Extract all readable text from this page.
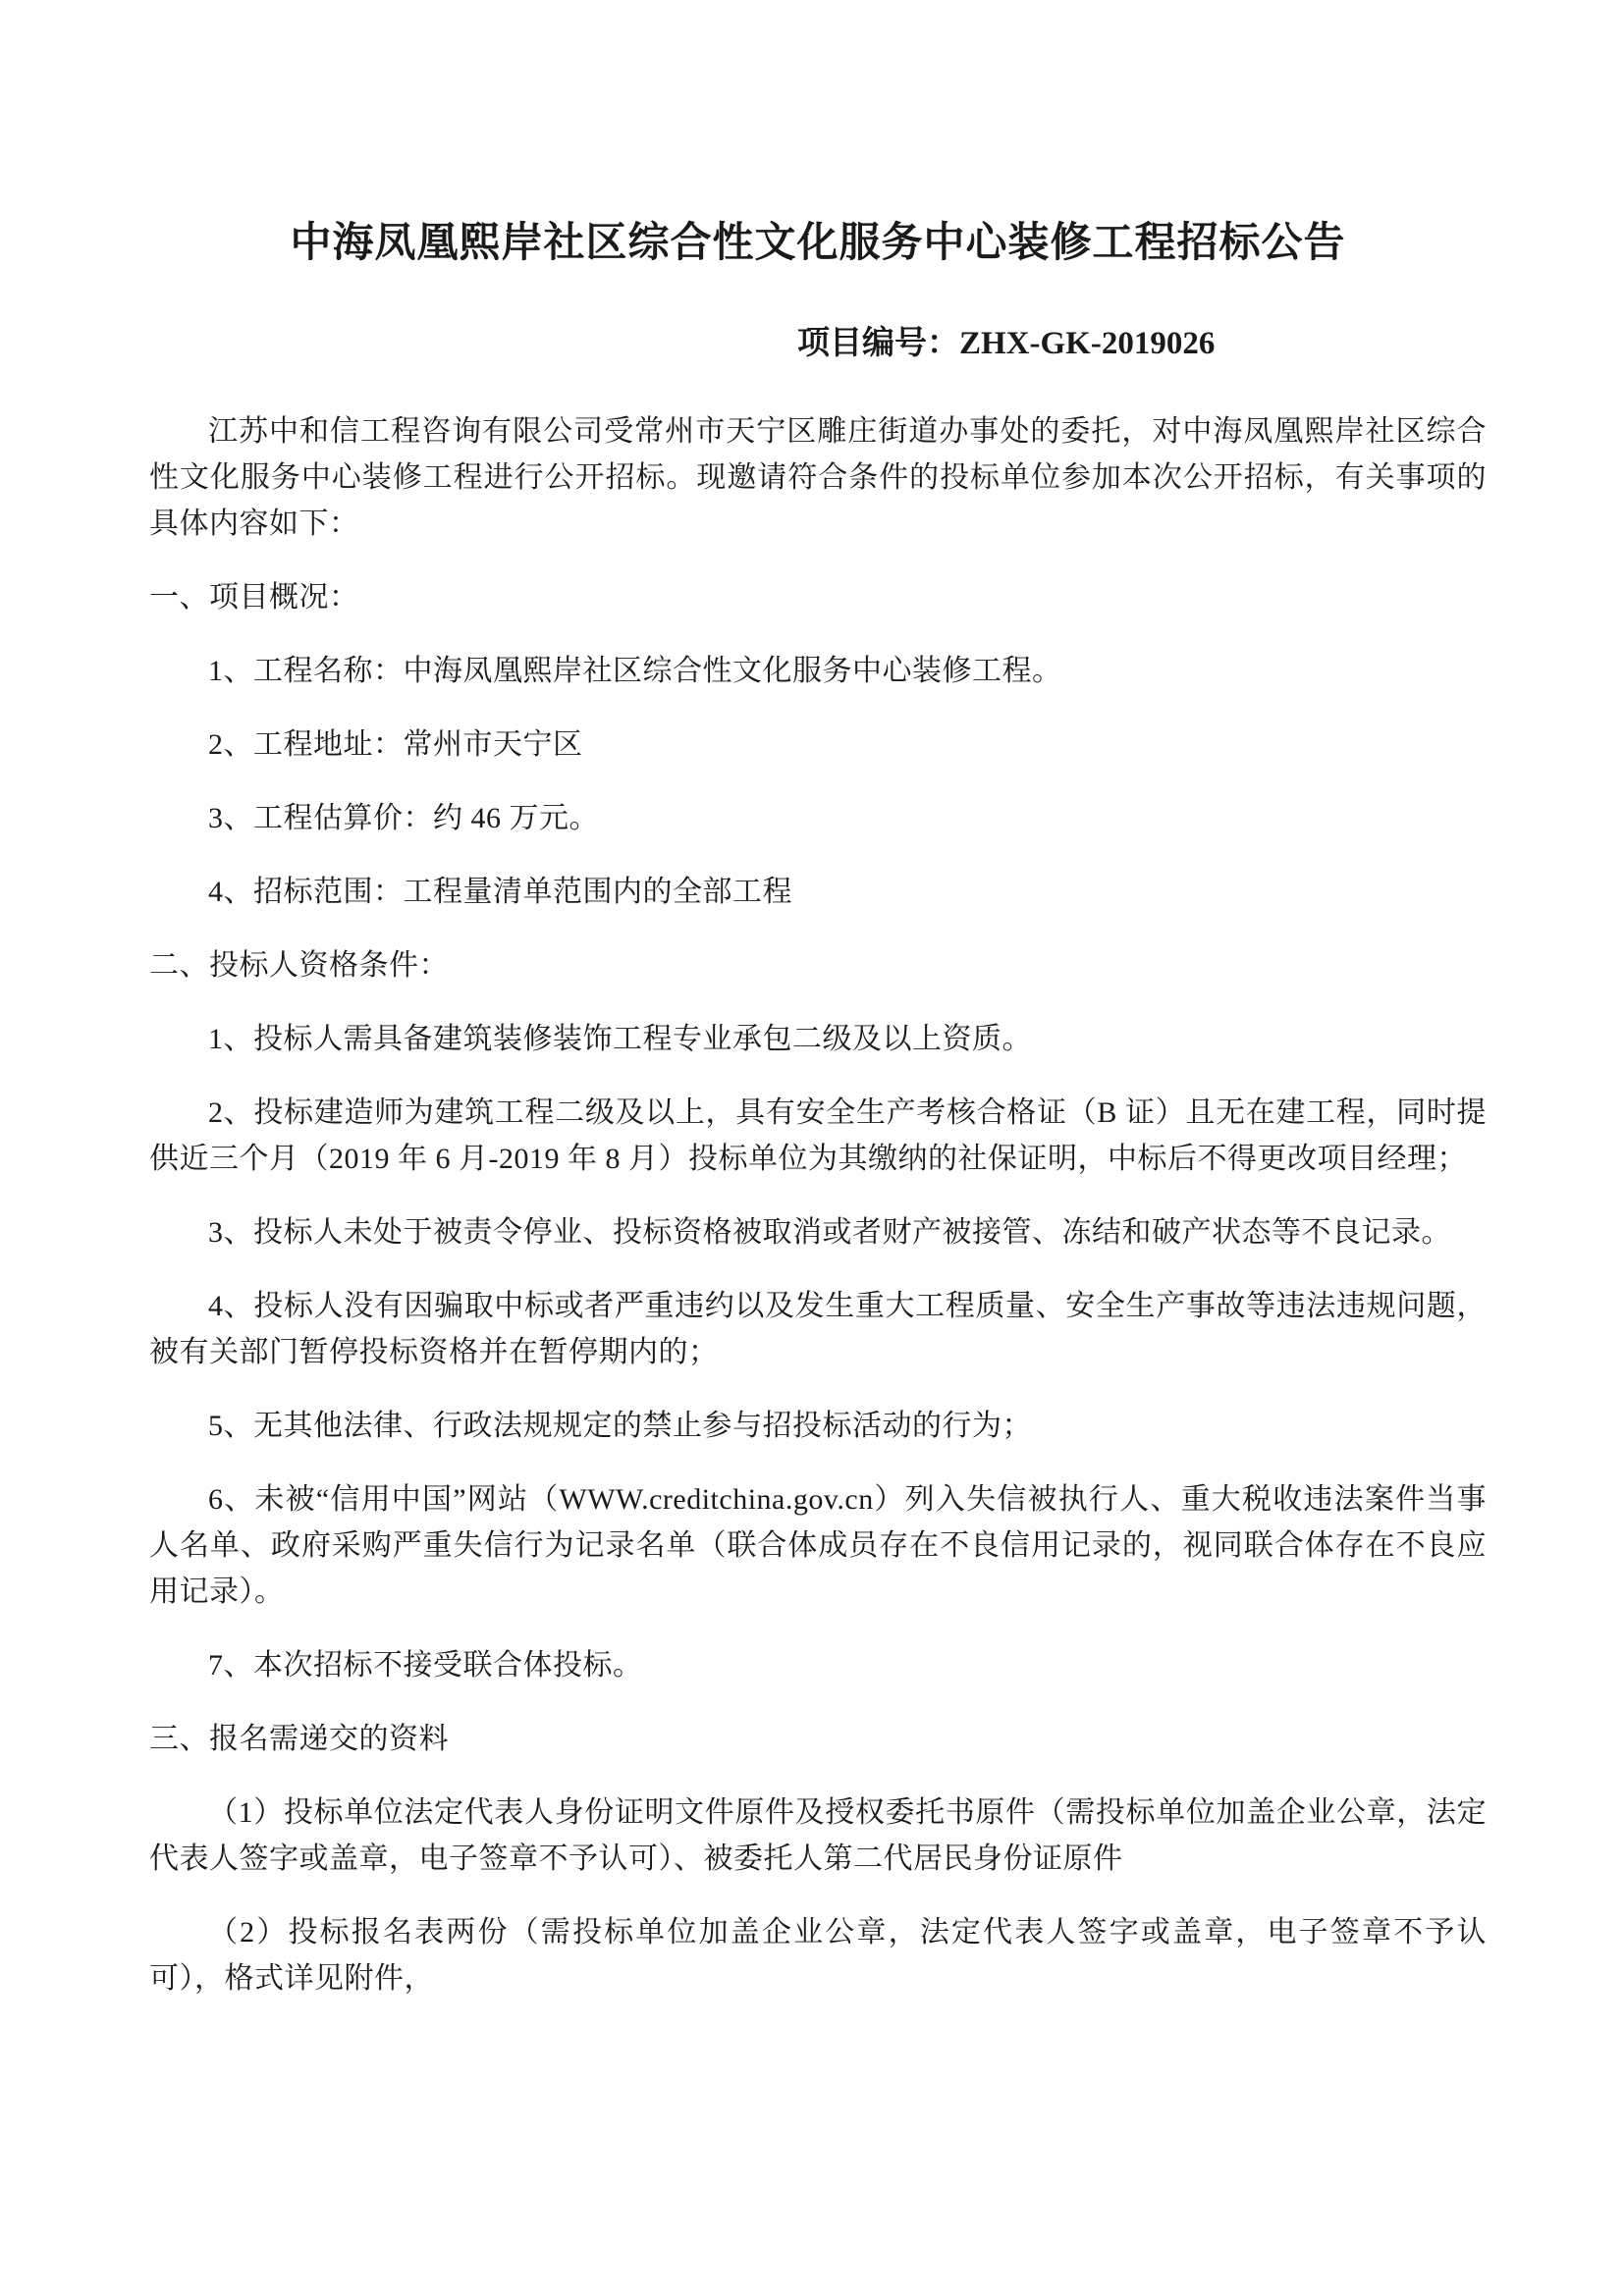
中海凤凰熙岸社区综合性文化服务中心装修工程招标公告

项目编号：ZHX-GK-2019026

江苏中和信工程咨询有限公司受常州市天宁区雕庄街道办事处的委托，对中海凤凰熙岸社区综合性文化服务中心装修工程进行公开招标。现邀请符合条件的投标单位参加本次公开招标，有关事项的具体内容如下：

一、项目概况：

1、工程名称：中海凤凰熙岸社区综合性文化服务中心装修工程。

2、工程地址：常州市天宁区

3、工程估算价：约 46 万元。

4、招标范围：工程量清单范围内的全部工程

二、投标人资格条件：

1、投标人需具备建筑装修装饰工程专业承包二级及以上资质。

2、投标建造师为建筑工程二级及以上，具有安全生产考核合格证（B 证）且无在建工程，同时提供近三个月（2019 年 6 月-2019 年 8 月）投标单位为其缴纳的社保证明，中标后不得更改项目经理；

3、投标人未处于被责令停业、投标资格被取消或者财产被接管、冻结和破产状态等不良记录。

4、投标人没有因骗取中标或者严重违约以及发生重大工程质量、安全生产事故等违法违规问题，被有关部门暂停投标资格并在暂停期内的；

5、无其他法律、行政法规规定的禁止参与招投标活动的行为；

6、未被“信用中国”网站（WWW.creditchina.gov.cn）列入失信被执行人、重大税收违法案件当事人名单、政府采购严重失信行为记录名单（联合体成员存在不良信用记录的，视同联合体存在不良应用记录）。

7、本次招标不接受联合体投标。

三、报名需递交的资料

（1）投标单位法定代表人身份证明文件原件及授权委托书原件（需投标单位加盖企业公章，法定代表人签字或盖章，电子签章不予认可）、被委托人第二代居民身份证原件

（2）投标报名表两份（需投标单位加盖企业公章，法定代表人签字或盖章，电子签章不予认可），格式详见附件，
